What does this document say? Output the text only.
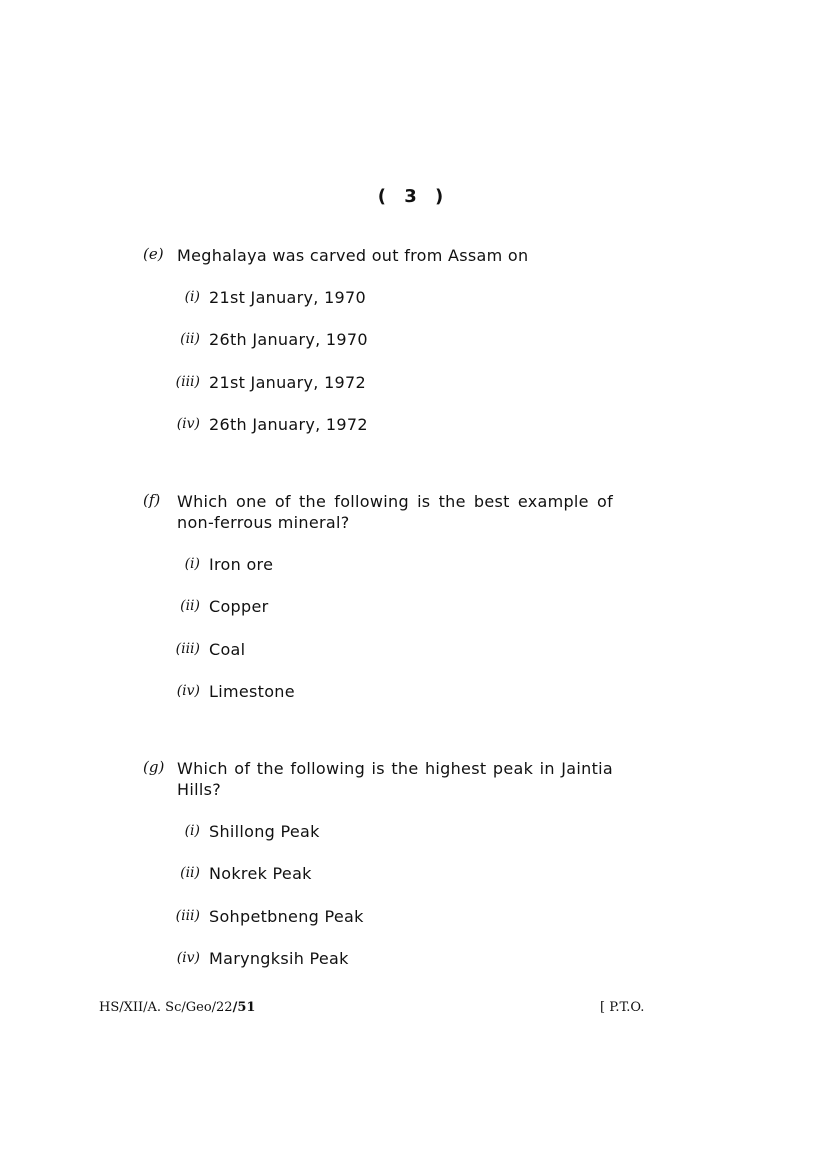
( 3 )
(e) Meghalaya was carved out from Assam on
(i) 21st January, 1970
(ii) 26th January, 1970
(iii) 21st January, 1972
(iv) 26th January, 1972
(f) Which one of the following is the best example of non-ferrous mineral?
(i) Iron ore
(ii) Copper
(iii) Coal
(iv) Limestone
(g) Which of the following is the highest peak in Jaintia Hills?
(i) Shillong Peak
(ii) Nokrek Peak
(iii) Sohpetbneng Peak
(iv) Maryngksih Peak
HS/XII/A. Sc/Geo/22/51	[ P.T.O.
